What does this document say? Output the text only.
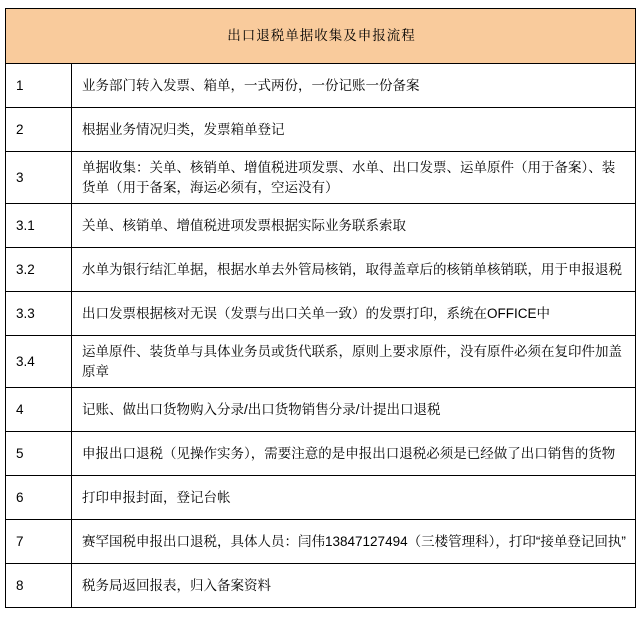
出口退税单据收集及申报流程	
1	业务部门转入发票、箱单，一式两份，一份记账一份备案
2	根据业务情况归类，发票箱单登记
3	单据收集：关单、核销单、增值税进项发票、水单、出口发票、运单原件（用于备案）、装货单（用于备案，海运必须有，空运没有）
3.1	关单、核销单、增值税进项发票根据实际业务联系索取
3.2	水单为银行结汇单据，根据水单去外管局核销，取得盖章后的核销单核销联，用于申报退税
3.3	出口发票根据核对无误（发票与出口关单一致）的发票打印，系统在OFFICE中
3.4	运单原件、装货单与具体业务员或货代联系，原则上要求原件，没有原件必须在复印件加盖原章
4	记账、做出口货物购入分录/出口货物销售分录/计提出口退税
5	申报出口退税（见操作实务），需要注意的是申报出口退税必须是已经做了出口销售的货物
6	打印申报封面，登记台帐
7	赛罕国税申报出口退税，具体人员：闫伟13847127494（三楼管理科），打印“接单登记回执”
8	税务局返回报表，归入备案资料
